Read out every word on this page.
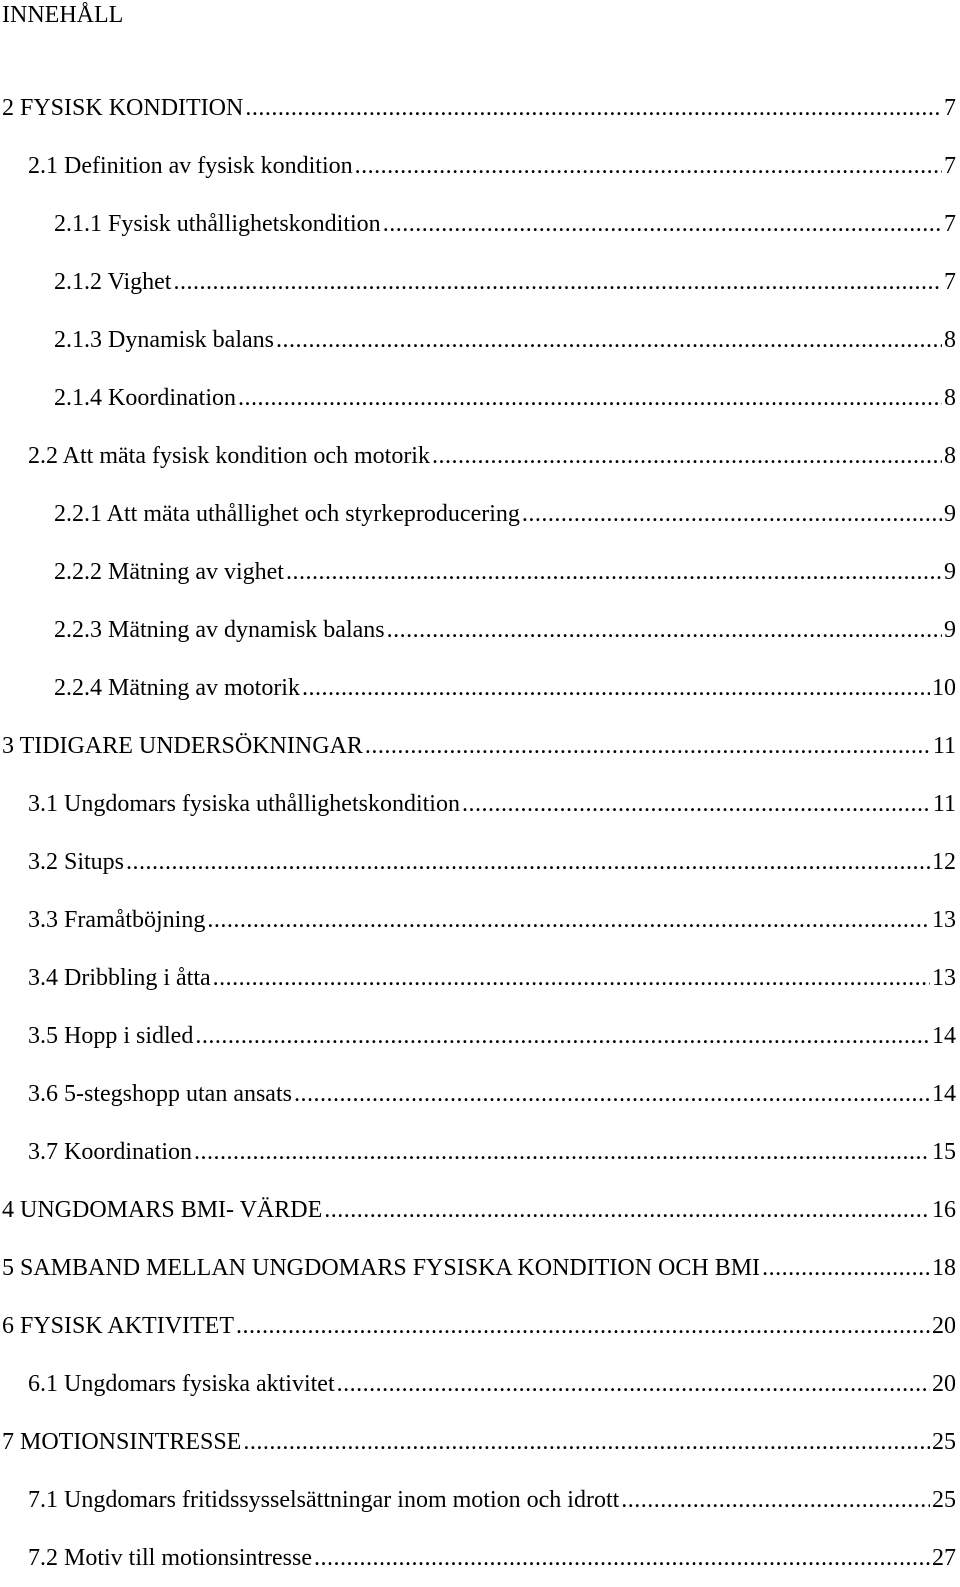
INNEHÅLL
2 FYSISK KONDITION .....	7
2.1 Definition av fysisk kondition .....	7
2.1.1 Fysisk uthållighetskondition .....	7
2.1.2 Vighet .....	7
2.1.3 Dynamisk balans .....	8
2.1.4 Koordination .....	8
2.2 Att mäta fysisk kondition och motorik .....	8
2.2.1 Att mäta uthållighet och styrkeproducering .....	9
2.2.2 Mätning av vighet .....	9
2.2.3 Mätning av dynamisk balans .....	9
2.2.4 Mätning av motorik .....	10
3 TIDIGARE UNDERSÖKNINGAR .....	11
3.1 Ungdomars fysiska uthållighetskondition .....	11
3.2 Situps .....	12
3.3 Framåtböjning .....	13
3.4 Dribbling i åtta .....	13
3.5 Hopp i sidled .....	14
3.6 5-stegshopp utan ansats .....	14
3.7 Koordination .....	15
4 UNGDOMARS BMI- VÄRDE .....	16
5 SAMBAND MELLAN UNGDOMARS FYSISKA KONDITION OCH BMI .....	18
6 FYSISK AKTIVITET .....	20
6.1 Ungdomars fysiska aktivitet .....	20
7 MOTIONSINTRESSE .....	25
7.1 Ungdomars fritidssysselsättningar inom motion och idrott .....	25
7.2 Motiv till motionsintresse .....	27
